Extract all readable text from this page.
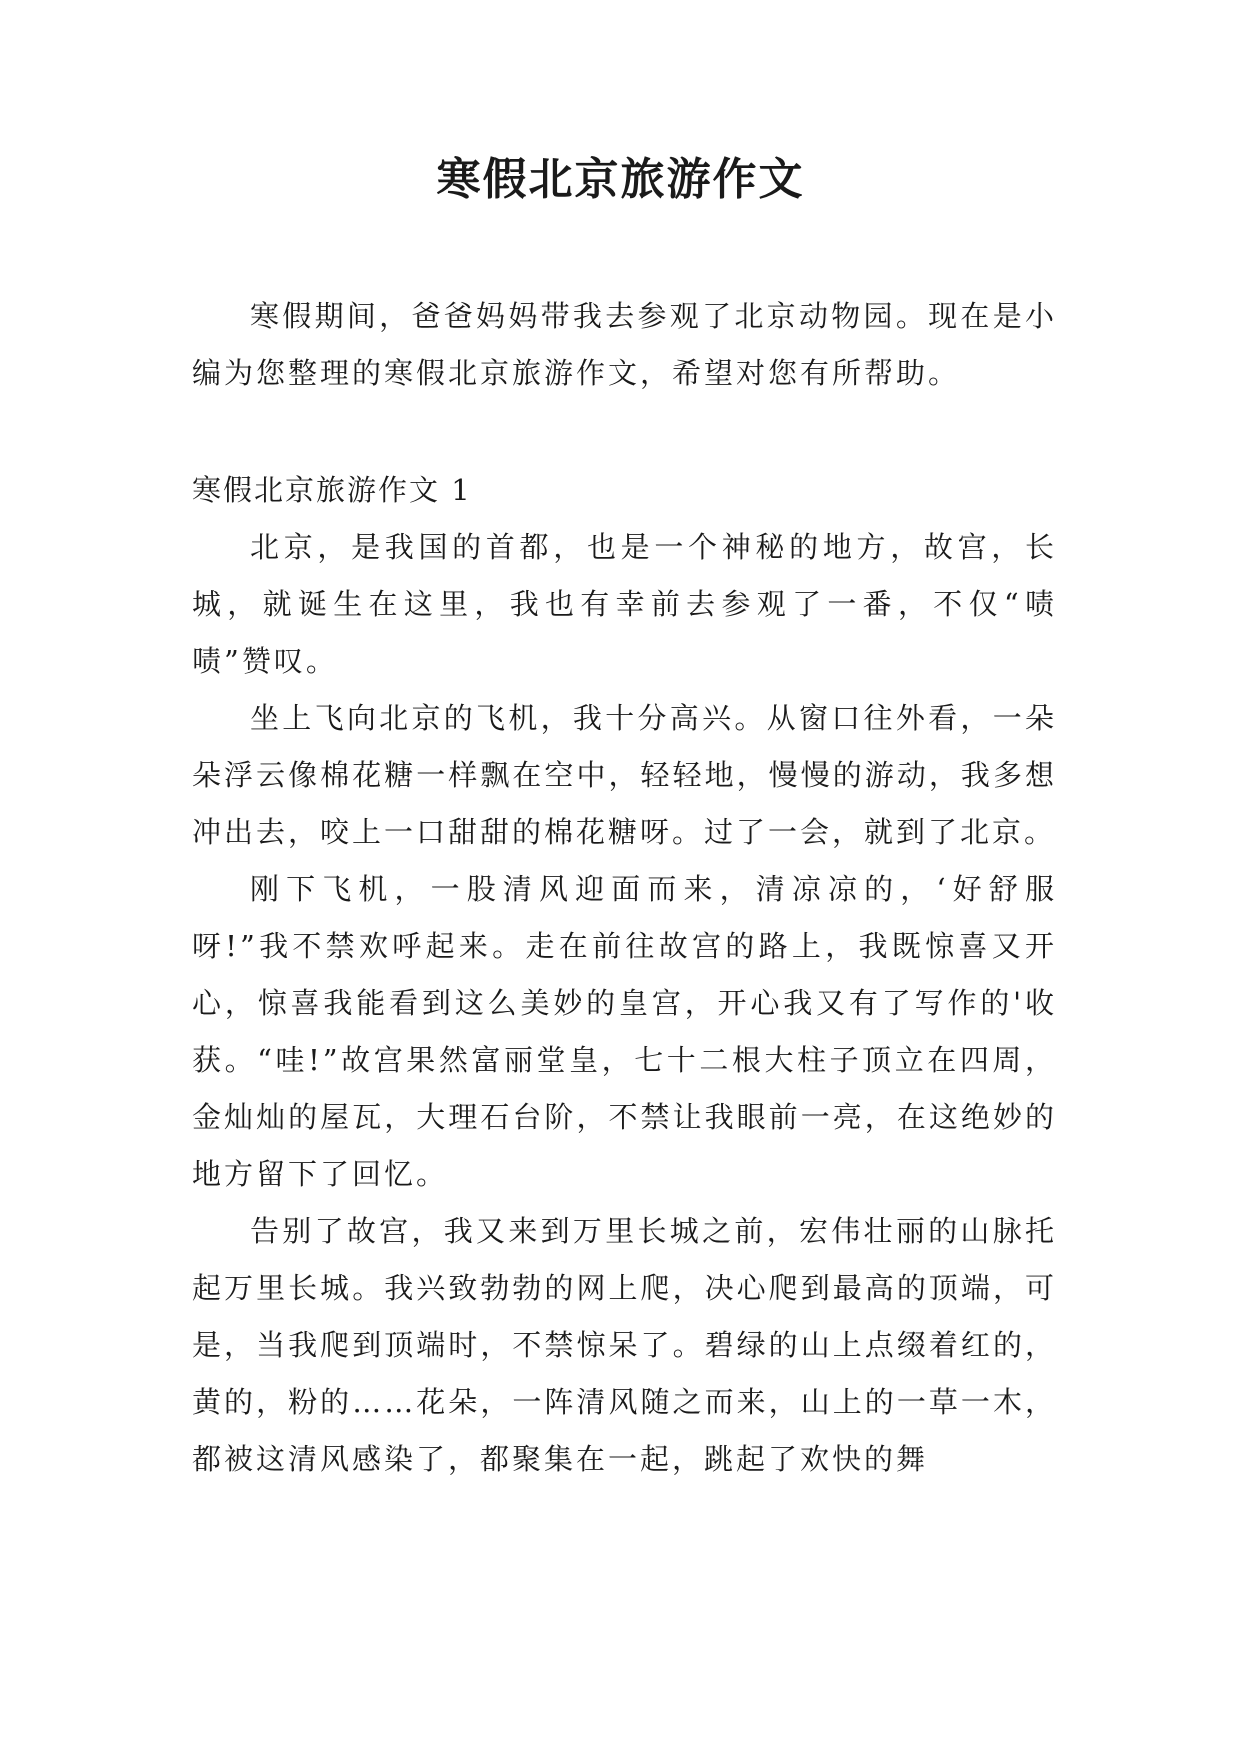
寒假北京旅游作文

寒假期间，爸爸妈妈带我去参观了北京动物园。现在是小编为您整理的寒假北京旅游作文，希望对您有所帮助。

寒假北京旅游作文 1

北京，是我国的首都，也是一个神秘的地方，故宫，长城，就诞生在这里，我也有幸前去参观了一番，不仅“啧啧”赞叹。

坐上飞向北京的飞机，我十分高兴。从窗口往外看，一朵朵浮云像棉花糖一样飘在空中，轻轻地，慢慢的游动，我多想冲出去，咬上一口甜甜的棉花糖呀。过了一会，就到了北京。

刚下飞机，一股清风迎面而来，清凉凉的，‘好舒服呀!”我不禁欢呼起来。走在前往故宫的路上，我既惊喜又开心，惊喜我能看到这么美妙的皇宫，开心我又有了写作的'收获。“哇!”故宫果然富丽堂皇，七十二根大柱子顶立在四周，金灿灿的屋瓦，大理石台阶，不禁让我眼前一亮，在这绝妙的地方留下了回忆。

告别了故宫，我又来到万里长城之前，宏伟壮丽的山脉托起万里长城。我兴致勃勃的网上爬，决心爬到最高的顶端，可是，当我爬到顶端时，不禁惊呆了。碧绿的山上点缀着红的，黄的，粉的……花朵，一阵清风随之而来，山上的一草一木，都被这清风感染了，都聚集在一起，跳起了欢快的舞
